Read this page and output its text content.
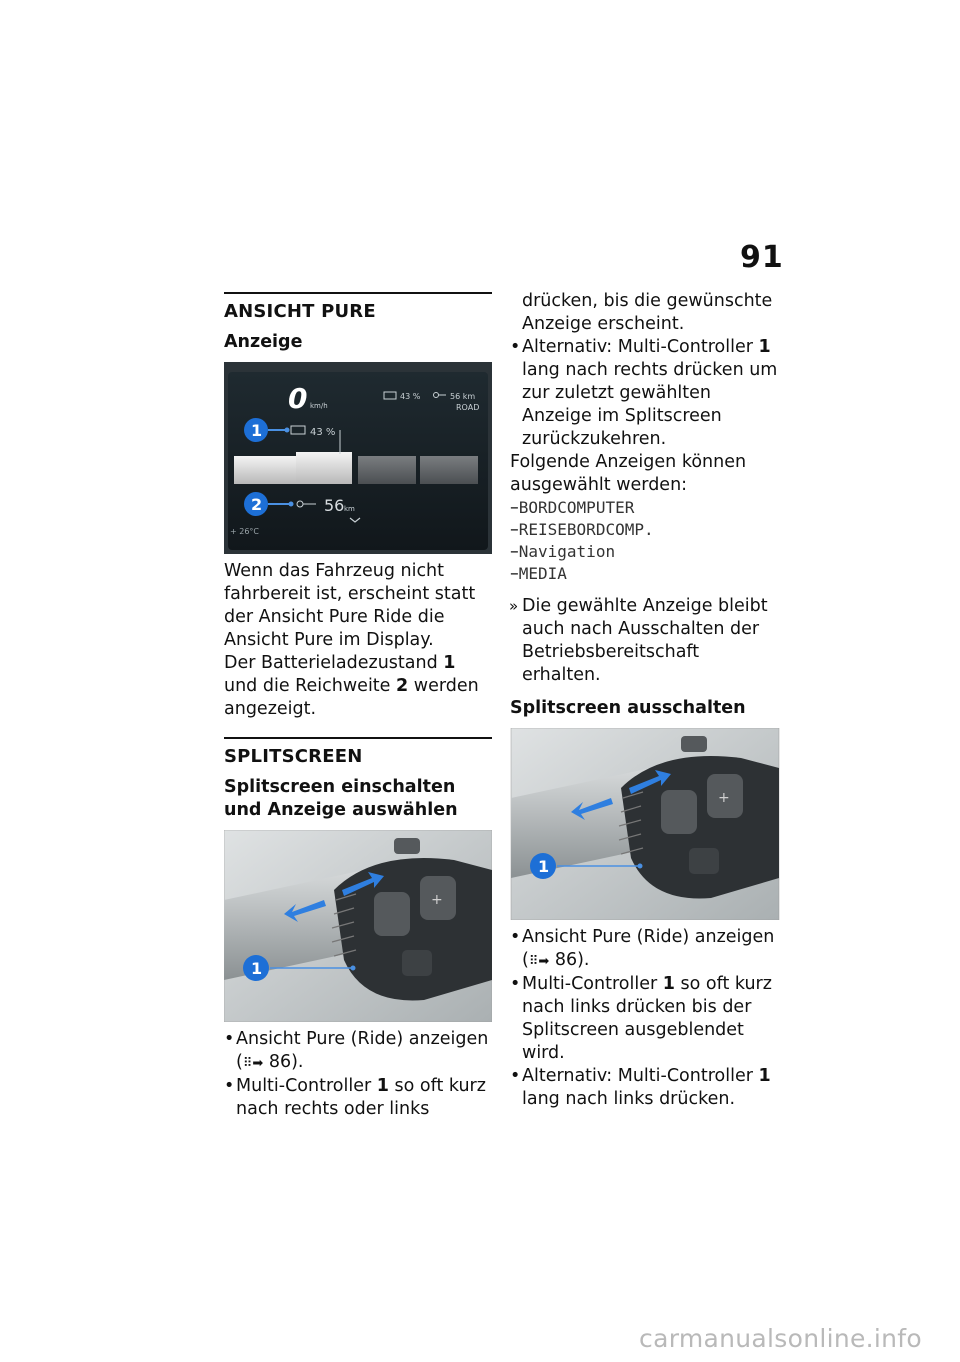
91
ANSICHT PURE
Anzeige
0 km/h
43 %	56 km
ROAD
1	43 %
2	56 km
+ 26°C

Wenn das Fahrzeug nicht fahrbereit ist, erscheint statt der Ansicht Pure Ride die Ansicht Pure im Display.

Der Batterieladezustand 1 und die Reichweite 2 werden angezeigt.

SPLITSCREEN
Splitscreen einschalten und Anzeige auswählen
+
1

• Ansicht Pure (Ride) anzeigen (⠿➡ 86).

• Multi-Controller 1 so oft kurz nach rechts oder links

drücken, bis die gewünschte Anzeige erscheint.

• Alternativ: Multi-Controller 1 lang nach rechts drücken um zur zuletzt gewählten Anzeige im Splitscreen zurückzukehren.

Folgende Anzeigen können ausgewählt werden:

–BORDCOMPUTER

–REISEBORDCOMP.

–Navigation

–MEDIA

» Die gewählte Anzeige bleibt auch nach Ausschalten der Betriebsbereitschaft erhalten.

Splitscreen ausschalten
+
1

• Ansicht Pure (Ride) anzeigen (⠿➡ 86).

• Multi-Controller 1 so oft kurz nach links drücken bis der Splitscreen ausgeblendet wird.

• Alternativ: Multi-Controller 1 lang nach links drücken.

carmanualsonline.info
